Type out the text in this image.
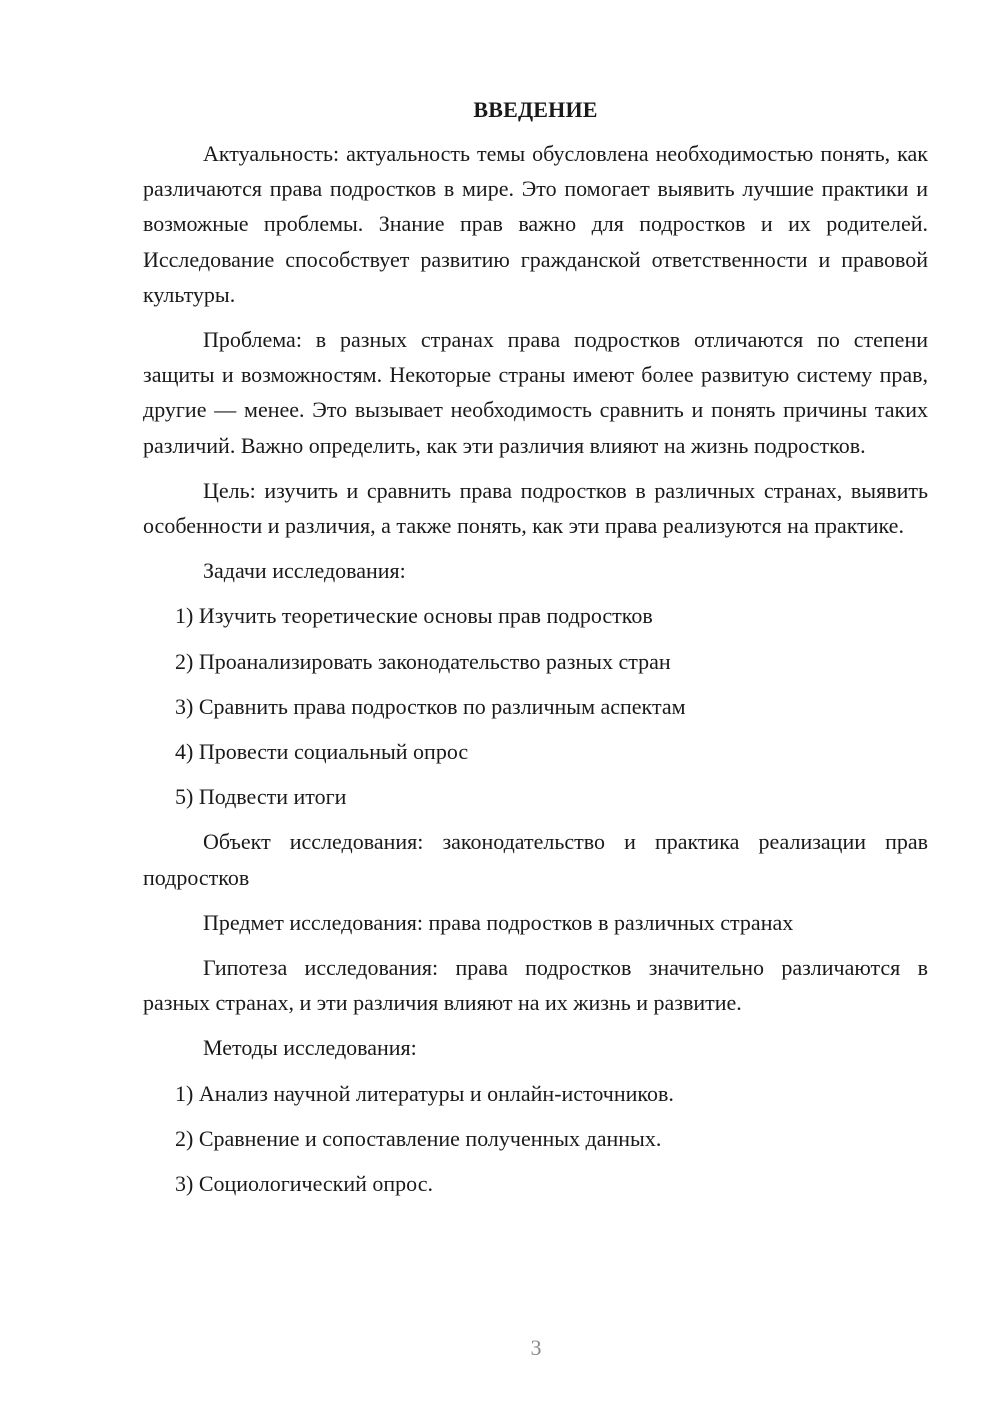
ВВЕДЕНИЕ

Актуальность: актуальность темы обусловлена необходимостью понять, как различаются права подростков в мире. Это помогает выявить лучшие практики и возможные проблемы. Знание прав важно для подростков и их родителей. Исследование способствует развитию гражданской ответственности и правовой культуры.

Проблема: в разных странах права подростков отличаются по степени защиты и возможностям. Некоторые страны имеют более развитую систему прав, другие — менее. Это вызывает необходимость сравнить и понять причины таких различий. Важно определить, как эти различия влияют на жизнь подростков.

Цель: изучить и сравнить права подростков в различных странах, выявить особенности и различия, а также понять, как эти права реализуются на практике.

Задачи исследования:

1) Изучить теоретические основы прав подростков
2) Проанализировать законодательство разных стран
3) Сравнить права подростков по различным аспектам
4) Провести социальный опрос
5) Подвести итоги

Объект исследования: законодательство и практика реализации прав подростков

Предмет исследования: права подростков в различных странах

Гипотеза исследования: права подростков значительно различаются в разных странах, и эти различия влияют на их жизнь и развитие.

Методы исследования:

1) Анализ научной литературы и онлайн-источников.
2) Сравнение и сопоставление полученных данных.
3) Социологический опрос.
3
